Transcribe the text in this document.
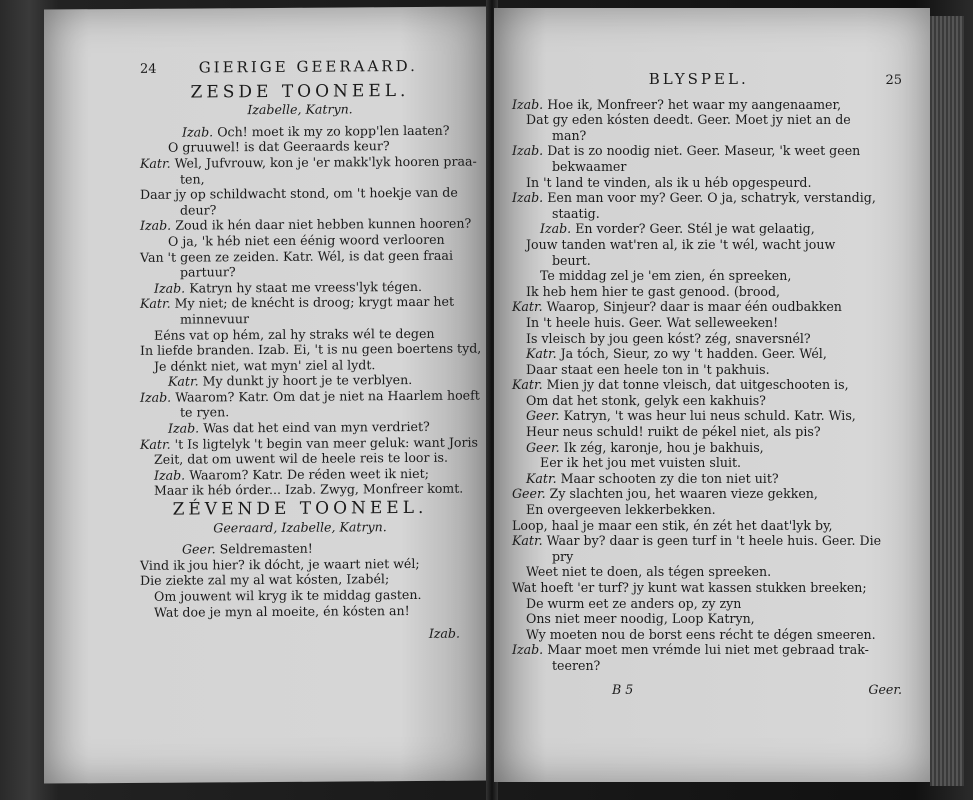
24	GIERIGE GEERAARD.
ZESDE TOONEEL.
Izabelle, Katryn.
Izab. Och! moet ik my zo kopp'len laaten?
O gruuwel! is dat Geeraards keur?
Katr. Wel, Jufvrouw, kon je 'er makk'lyk hooren praa-
ten,
Daar jy op schildwacht stond, om 't hoekje van de
deur?
Izab. Zoud ik hén daar niet hebben kunnen hooren?
O ja, 'k héb niet een éénig woord verlooren
Van 't geen ze zeiden. Katr. Wél, is dat geen fraai
partuur?
Izab. Katryn hy staat me vreess'lyk tégen.
Katr. My niet; de knécht is droog; krygt maar het
minnevuur
Eéns vat op hém, zal hy straks wél te degen
In liefde branden. Izab. Ei, 't is nu geen boertens tyd,
Je dénkt niet, wat myn' ziel al lydt.
Katr. My dunkt jy hoort je te verblyen.
Izab. Waarom? Katr. Om dat je niet na Haarlem hoeft
te ryen.
Izab. Was dat het eind van myn verdriet?
Katr. 't Is ligtelyk 't begin van meer geluk: want Joris
Zeit, dat om uwent wil de heele reis te loor is.
Izab. Waarom? Katr. De réden weet ik niet;
Maar ik héb órder... Izab. Zwyg, Monfreer komt.
ZÉVENDE TOONEEL.
Geeraard, Izabelle, Katryn.
Geer. Seldremasten!
Vind ik jou hier? ik dócht, je waart niet wél;
Die ziekte zal my al wat kósten, Izabél;
Om jouwent wil kryg ik te middag gasten.
Wat doe je myn al moeite, én kósten an!
Izab.
BLYSPEL.	25
Izab. Hoe ik, Monfreer? het waar my aangenaamer,
Dat gy eden kósten deedt. Geer. Moet jy niet an de
man?
Izab. Dat is zo noodig niet. Geer. Maseur, 'k weet geen
bekwaamer
In 't land te vinden, als ik u héb opgespeurd.
Izab. Een man voor my? Geer. O ja, schatryk, verstandig,
staatig.
Izab. En vorder? Geer. Stél je wat gelaatig,
Jouw tanden wat'ren al, ik zie 't wél, wacht jouw
beurt.
Te middag zel je 'em zien, én spreeken,
Ik heb hem hier te gast genood. (brood,
Katr. Waarop, Sinjeur? daar is maar één oudbakken
In 't heele huis. Geer. Wat selleweeken!
Is vleisch by jou geen kóst? zég, snaversnél?
Katr. Ja tóch, Sieur, zo wy 't hadden. Geer. Wél,
Daar staat een heele ton in 't pakhuis.
Katr. Mien jy dat tonne vleisch, dat uitgeschooten is,
Om dat het stonk, gelyk een kakhuis?
Geer. Katryn, 't was heur lui neus schuld. Katr. Wis,
Heur neus schuld! ruikt de pékel niet, als pis?
Geer. Ik zég, karonje, hou je bakhuis,
Eer ik het jou met vuisten sluit.
Katr. Maar schooten zy die ton niet uit?
Geer. Zy slachten jou, het waaren vieze gekken,
En overgeeven lekkerbekken.
Loop, haal je maar een stik, én zét het daat'lyk by,
Katr. Waar by? daar is geen turf in 't heele huis. Geer. Die
pry
Weet niet te doen, als tégen spreeken.
Wat hoeft 'er turf? jy kunt wat kassen stukken breeken;
De wurm eet ze anders op, zy zyn
Ons niet meer noodig, Loop Katryn,
Wy moeten nou de borst eens récht te dégen smeeren.
Izab. Maar moet men vrémde lui niet met gebraad trak-
teeren?
B 5	Geer.
